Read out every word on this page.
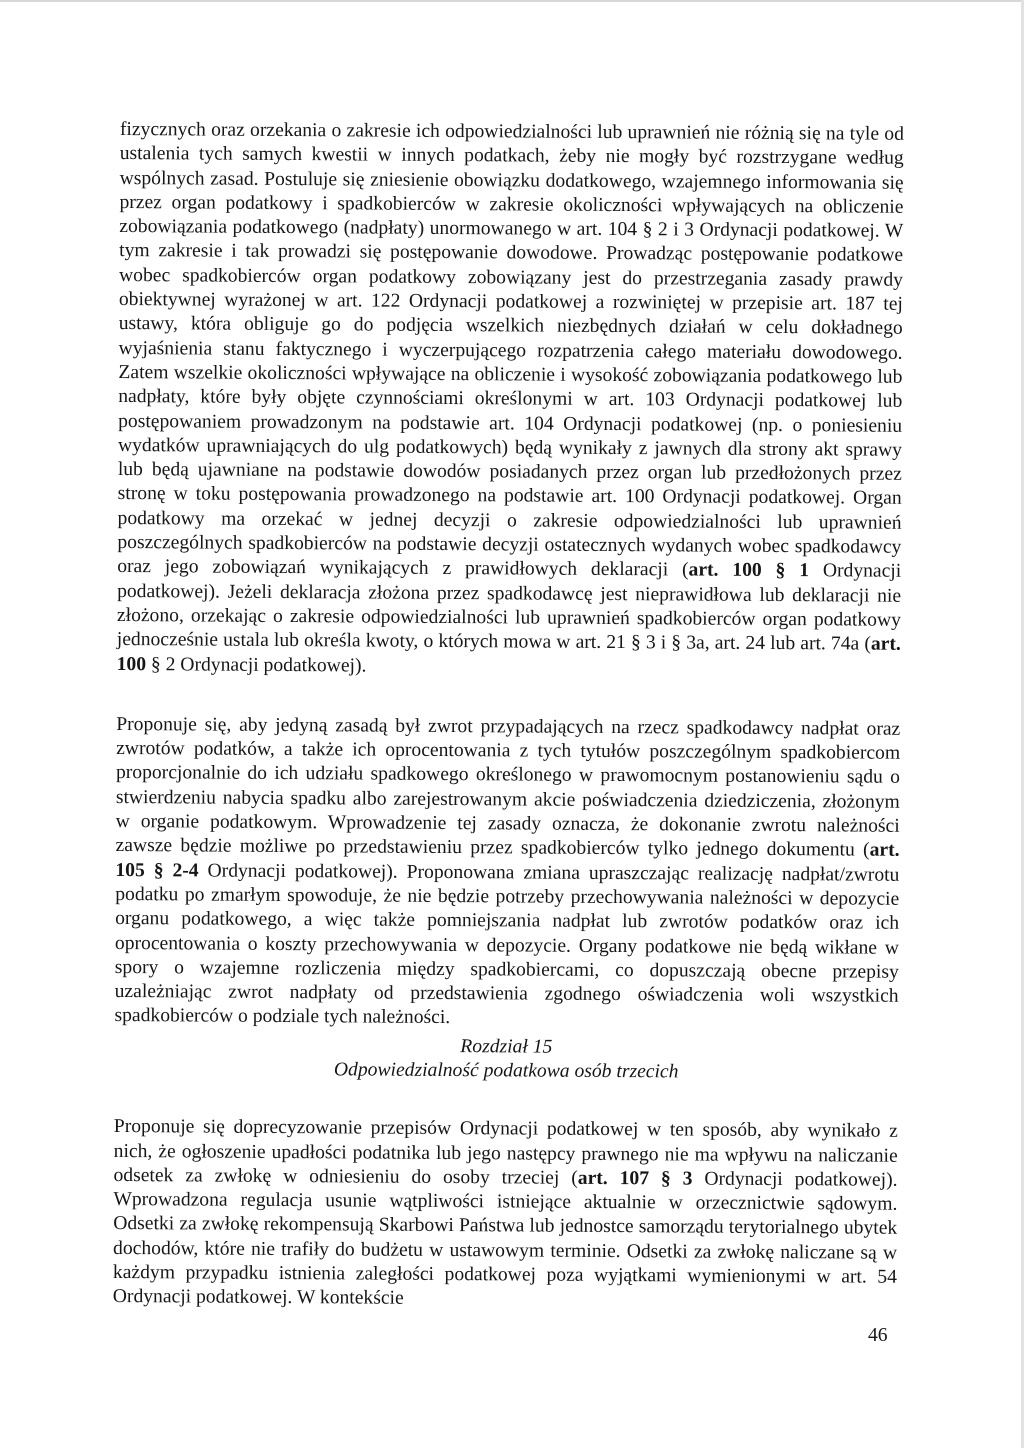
fizycznych oraz orzekania o zakresie ich odpowiedzialności lub uprawnień nie różnią się na tyle od ustalenia tych samych kwestii w innych podatkach, żeby nie mogły być rozstrzygane według wspólnych zasad. Postuluje się zniesienie obowiązku dodatkowego, wzajemnego informowania się przez organ podatkowy i spadkobierców w zakresie okoliczności wpływających na obliczenie zobowiązania podatkowego (nadpłaty) unormowanego w art. 104 § 2 i 3 Ordynacji podatkowej. W tym zakresie i tak prowadzi się postępowanie dowodowe. Prowadząc postępowanie podatkowe wobec spadkobierców organ podatkowy zobowiązany jest do przestrzegania zasady prawdy obiektywnej wyrażonej w art. 122 Ordynacji podatkowej a rozwiniętej w przepisie art. 187 tej ustawy, która obliguje go do podjęcia wszelkich niezbędnych działań w celu dokładnego wyjaśnienia stanu faktycznego i wyczerpującego rozpatrzenia całego materiału dowodowego. Zatem wszelkie okoliczności wpływające na obliczenie i wysokość zobowiązania podatkowego lub nadpłaty, które były objęte czynnościami określonymi w art. 103 Ordynacji podatkowej lub postępowaniem prowadzonym na podstawie art. 104 Ordynacji podatkowej (np. o poniesieniu wydatków uprawniających do ulg podatkowych) będą wynikały z jawnych dla strony akt sprawy lub będą ujawniane na podstawie dowodów posiadanych przez organ lub przedłożonych przez stronę w toku postępowania prowadzonego na podstawie art. 100 Ordynacji podatkowej. Organ podatkowy ma orzekać w jednej decyzji o zakresie odpowiedzialności lub uprawnień poszczególnych spadkobierców na podstawie decyzji ostatecznych wydanych wobec spadkodawcy oraz jego zobowiązań wynikających z prawidłowych deklaracji (art. 100 § 1 Ordynacji podatkowej). Jeżeli deklaracja złożona przez spadkodawcę jest nieprawidłowa lub deklaracji nie złożono, orzekając o zakresie odpowiedzialności lub uprawnień spadkobierców organ podatkowy jednocześnie ustala lub określa kwoty, o których mowa w art. 21 § 3 i § 3a, art. 24 lub art. 74a (art. 100 § 2 Ordynacji podatkowej).

Proponuje się, aby jedyną zasadą był zwrot przypadających na rzecz spadkodawcy nadpłat oraz zwrotów podatków, a także ich oprocentowania z tych tytułów poszczególnym spadkobiercom proporcjonalnie do ich udziału spadkowego określonego w prawomocnym postanowieniu sądu o stwierdzeniu nabycia spadku albo zarejestrowanym akcie poświadczenia dziedziczenia, złożonym w organie podatkowym. Wprowadzenie tej zasady oznacza, że dokonanie zwrotu należności zawsze będzie możliwe po przedstawieniu przez spadkobierców tylko jednego dokumentu (art. 105 § 2-4 Ordynacji podatkowej). Proponowana zmiana upraszczając realizację nadpłat/zwrotu podatku po zmarłym spowoduje, że nie będzie potrzeby przechowywania należności w depozycie organu podatkowego, a więc także pomniejszania nadpłat lub zwrotów podatków oraz ich oprocentowania o koszty przechowywania w depozycie. Organy podatkowe nie będą wikłane w spory o wzajemne rozliczenia między spadkobiercami, co dopuszczają obecne przepisy uzależniając zwrot nadpłaty od przedstawienia zgodnego oświadczenia woli wszystkich spadkobierców o podziale tych należności.

Rozdział 15

Odpowiedzialność podatkowa osób trzecich

Proponuje się doprecyzowanie przepisów Ordynacji podatkowej w ten sposób, aby wynikało z nich, że ogłoszenie upadłości podatnika lub jego następcy prawnego nie ma wpływu na naliczanie odsetek za zwłokę w odniesieniu do osoby trzeciej (art. 107 § 3 Ordynacji podatkowej). Wprowadzona regulacja usunie wątpliwości istniejące aktualnie w orzecznictwie sądowym. Odsetki za zwłokę rekompensują Skarbowi Państwa lub jednostce samorządu terytorialnego ubytek dochodów, które nie trafiły do budżetu w ustawowym terminie. Odsetki za zwłokę naliczane są w każdym przypadku istnienia zaległości podatkowej poza wyjątkami wymienionymi w art. 54 Ordynacji podatkowej. W kontekście

46
